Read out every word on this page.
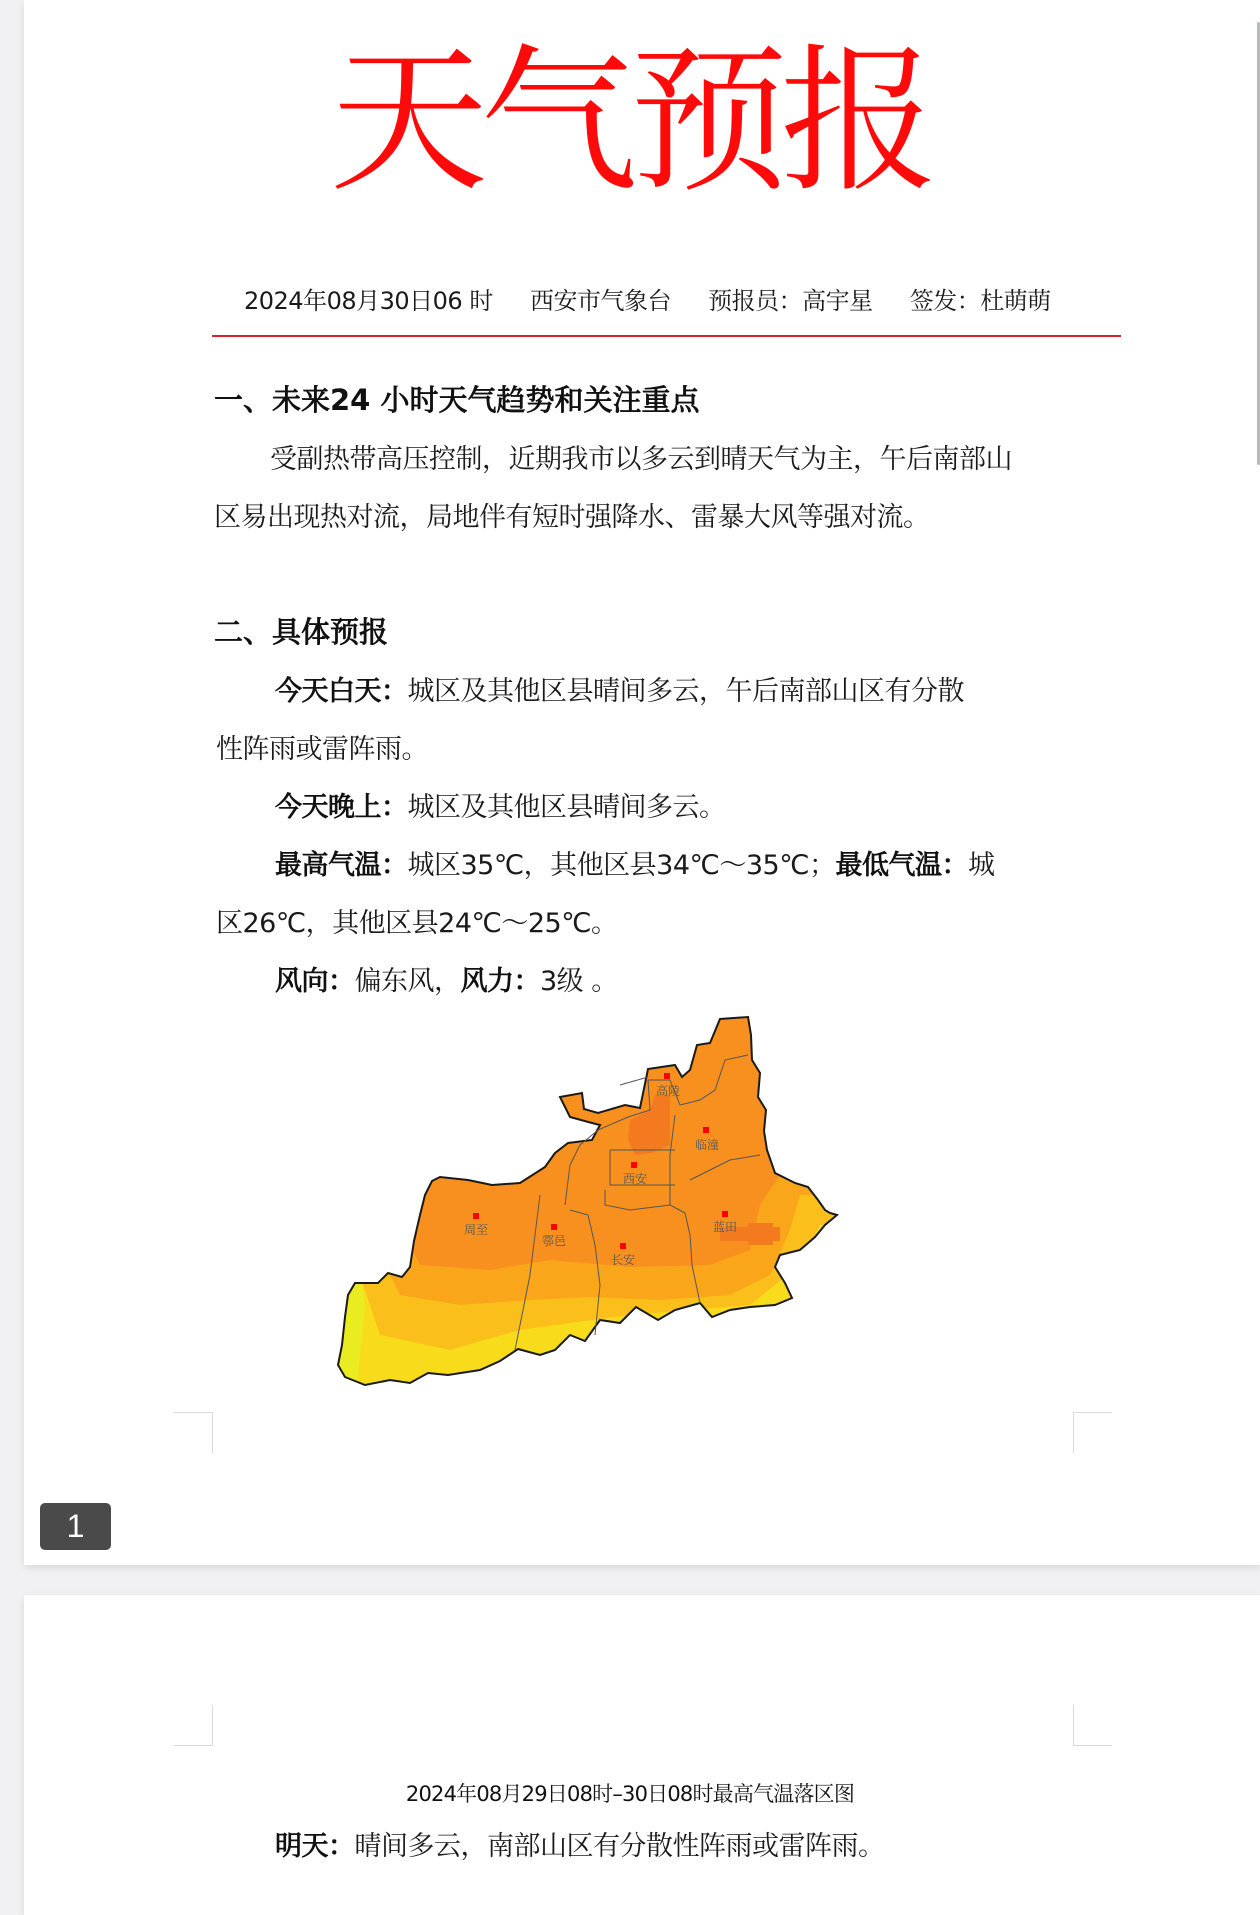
天气预报
2024年08月30日06 时 西安市气象台 预报员：高宇星 签发：杜萌萌
一、未来24 小时天气趋势和关注重点
受副热带高压控制，近期我市以多云到晴天气为主，午后南部山
区易出现热对流，局地伴有短时强降水、雷暴大风等强对流。
二、具体预报
今天白天：城区及其他区县晴间多云，午后南部山区有分散
性阵雨或雷阵雨。
今天晚上：城区及其他区县晴间多云。
最高气温：城区35℃，其他区县34℃～35℃；最低气温：城
区26℃，其他区县24℃～25℃。
风向：偏东风，风力：3级 。
高陵
临潼
西安
周至
鄠邑
长安
蓝田
1
2024年08月29日08时–30日08时最高气温落区图
明天：晴间多云，南部山区有分散性阵雨或雷阵雨。
